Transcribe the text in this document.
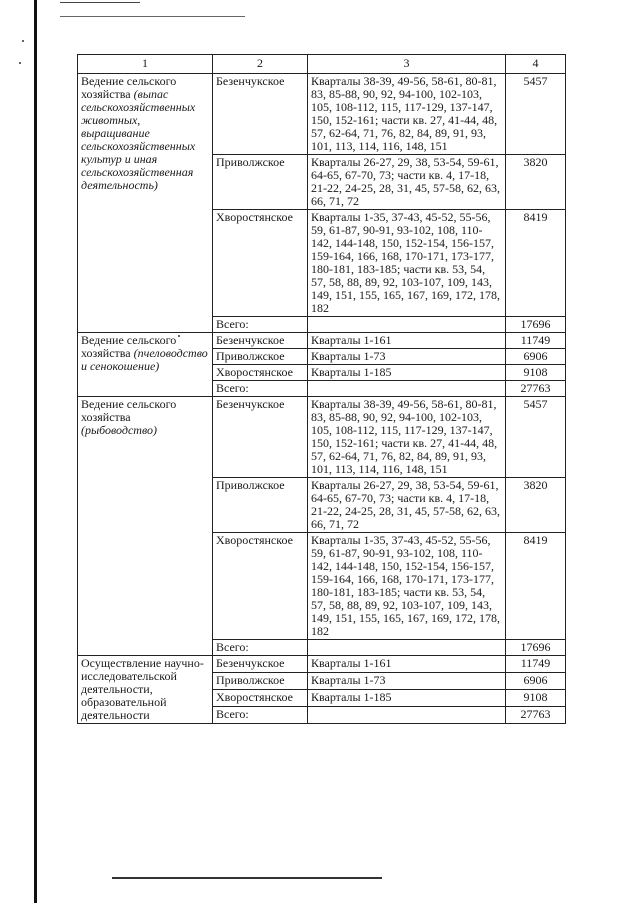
1	2	3	4
Ведение сельского хозяйства (выпас сельскохозяйственных животных, выращивание сельскохозяйственных культур и иная сельскохозяйственная деятельность)	Безенчукское	Кварталы 38-39, 49-56, 58-61, 80-81, 83, 85-88, 90, 92, 94-100, 102-103, 105, 108-112, 115, 117-129, 137-147, 150, 152-161; части кв. 27, 41-44, 48, 57, 62-64, 71, 76, 82, 84, 89, 91, 93, 101, 113, 114, 116, 148, 151	5457
	Приволжское	Кварталы 26-27, 29, 38, 53-54, 59-61, 64-65, 67-70, 73; части кв. 4, 17-18, 21-22, 24-25, 28, 31, 45, 57-58, 62, 63, 66, 71, 72	3820
	Хворостянское	Кварталы 1-35, 37-43, 45-52, 55-56, 59, 61-87, 90-91, 93-102, 108, 110-142, 144-148, 150, 152-154, 156-157, 159-164, 166, 168, 170-171, 173-177, 180-181, 183-185; части кв. 53, 54, 57, 58, 88, 89, 92, 103-107, 109, 143, 149, 151, 155, 165, 167, 169, 172, 178, 182	8419
	Всего:		17696
Ведение сельского хозяйства (пчеловодство и сенокошение)	Безенчукское	Кварталы 1-161	11749
	Приволжское	Кварталы 1-73	6906
	Хворостянское	Кварталы 1-185	9108
	Всего:		27763
Ведение сельского хозяйства (рыбоводство)	Безенчукское	Кварталы 38-39, 49-56, 58-61, 80-81, 83, 85-88, 90, 92, 94-100, 102-103, 105, 108-112, 115, 117-129, 137-147, 150, 152-161; части кв. 27, 41-44, 48, 57, 62-64, 71, 76, 82, 84, 89, 91, 93, 101, 113, 114, 116, 148, 151	5457
	Приволжское	Кварталы 26-27, 29, 38, 53-54, 59-61, 64-65, 67-70, 73; части кв. 4, 17-18, 21-22, 24-25, 28, 31, 45, 57-58, 62, 63, 66, 71, 72	3820
	Хворостянское	Кварталы 1-35, 37-43, 45-52, 55-56, 59, 61-87, 90-91, 93-102, 108, 110-142, 144-148, 150, 152-154, 156-157, 159-164, 166, 168, 170-171, 173-177, 180-181, 183-185; части кв. 53, 54, 57, 58, 88, 89, 92, 103-107, 109, 143, 149, 151, 155, 165, 167, 169, 172, 178, 182	8419
	Всего:		17696
Осуществление научно-исследовательской деятельности, образовательной деятельности	Безенчукское	Кварталы 1-161	11749
	Приволжское	Кварталы 1-73	6906
	Хворостянское	Кварталы 1-185	9108
	Всего:		27763
